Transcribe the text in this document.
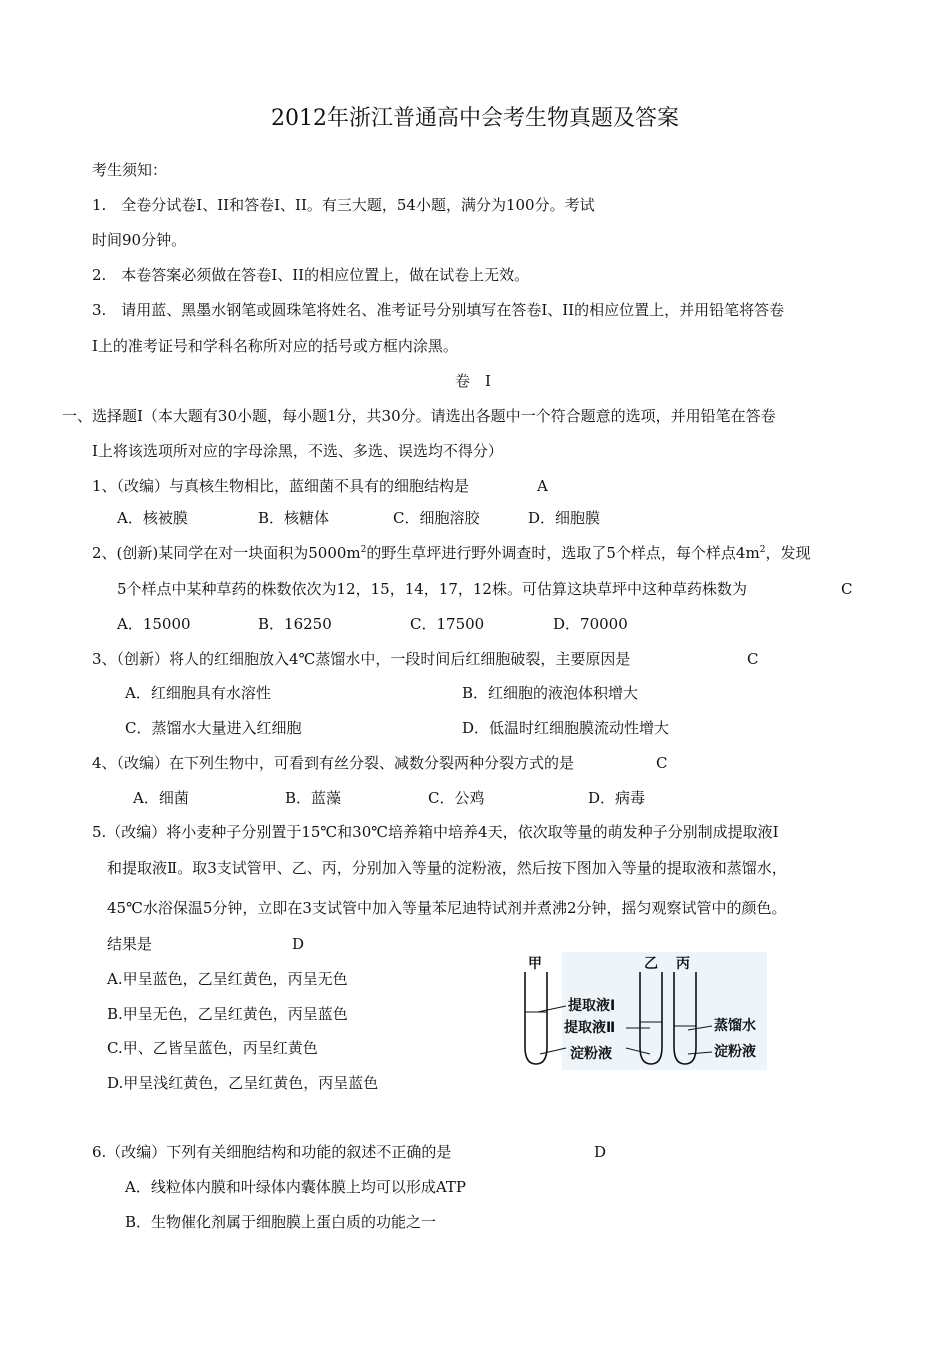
2012年浙江普通高中会考生物真题及答案
考生须知：
1.　全卷分试卷I、II和答卷I、II。有三大题，54小题，满分为100分。考试
时间90分钟。
2.　本卷答案必须做在答卷I、II的相应位置上，做在试卷上无效。
3.　请用蓝、黑墨水钢笔或圆珠笔将姓名、准考证号分别填写在答卷I、II的相应位置上，并用铅笔将答卷
I上的准考证号和学科名称所对应的括号或方框内涂黑。
卷　I
一、选择题I（本大题有30小题，每小题1分，共30分。请选出各题中一个符合题意的选项，并用铅笔在答卷
I上将该选项所对应的字母涂黑，不选、多选、误选均不得分）
1、（改编）与真核生物相比，蓝细菌不具有的细胞结构是	A
A．核被膜	B．核糖体	C．细胞溶胶	D．细胞膜
2、(创新)某同学在对一块面积为$5000m^2$的野生草坪进行野外调查时，选取了5个样点，每个样点$4m^2$，发现
5个样点中某种草药的株数依次为12，15，14，17，12株。可估算这块草坪中这种草药株数为	C
A．15000	B．16250	C．17500	D．70000
3、（创新）将人的红细胞放入4℃蒸馏水中，一段时间后红细胞破裂，主要原因是	C
A．红细胞具有水溶性	B．红细胞的液泡体积增大
C．蒸馏水大量进入红细胞	D．低温时红细胞膜流动性增大
4、（改编）在下列生物中，可看到有丝分裂、减数分裂两种分裂方式的是	C
A．细菌	B．蓝藻	C．公鸡	D．病毒
5.（改编）将小麦种子分别置于15℃和30℃培养箱中培养4天，依次取等量的萌发种子分别制成提取液Ⅰ
和提取液Ⅱ。取3支试管甲、乙、丙，分别加入等量的淀粉液，然后按下图加入等量的提取液和蒸馏水，
45℃水浴保温5分钟，立即在3支试管中加入等量苯尼迪特试剂并煮沸2分钟，摇匀观察试管中的颜色。
结果是	D
A.甲呈蓝色，乙呈红黄色，丙呈无色
B.甲呈无色，乙呈红黄色，丙呈蓝色
C.甲、乙皆呈蓝色，丙呈红黄色
D.甲呈浅红黄色，乙呈红黄色，丙呈蓝色
甲	乙 丙
提取液Ⅰ
提取液Ⅱ
淀粉液
蒸馏水
淀粉液
6.（改编）下列有关细胞结构和功能的叙述不正确的是	D
A．线粒体内膜和叶绿体内囊体膜上均可以形成ATP
B．生物催化剂属于细胞膜上蛋白质的功能之一
